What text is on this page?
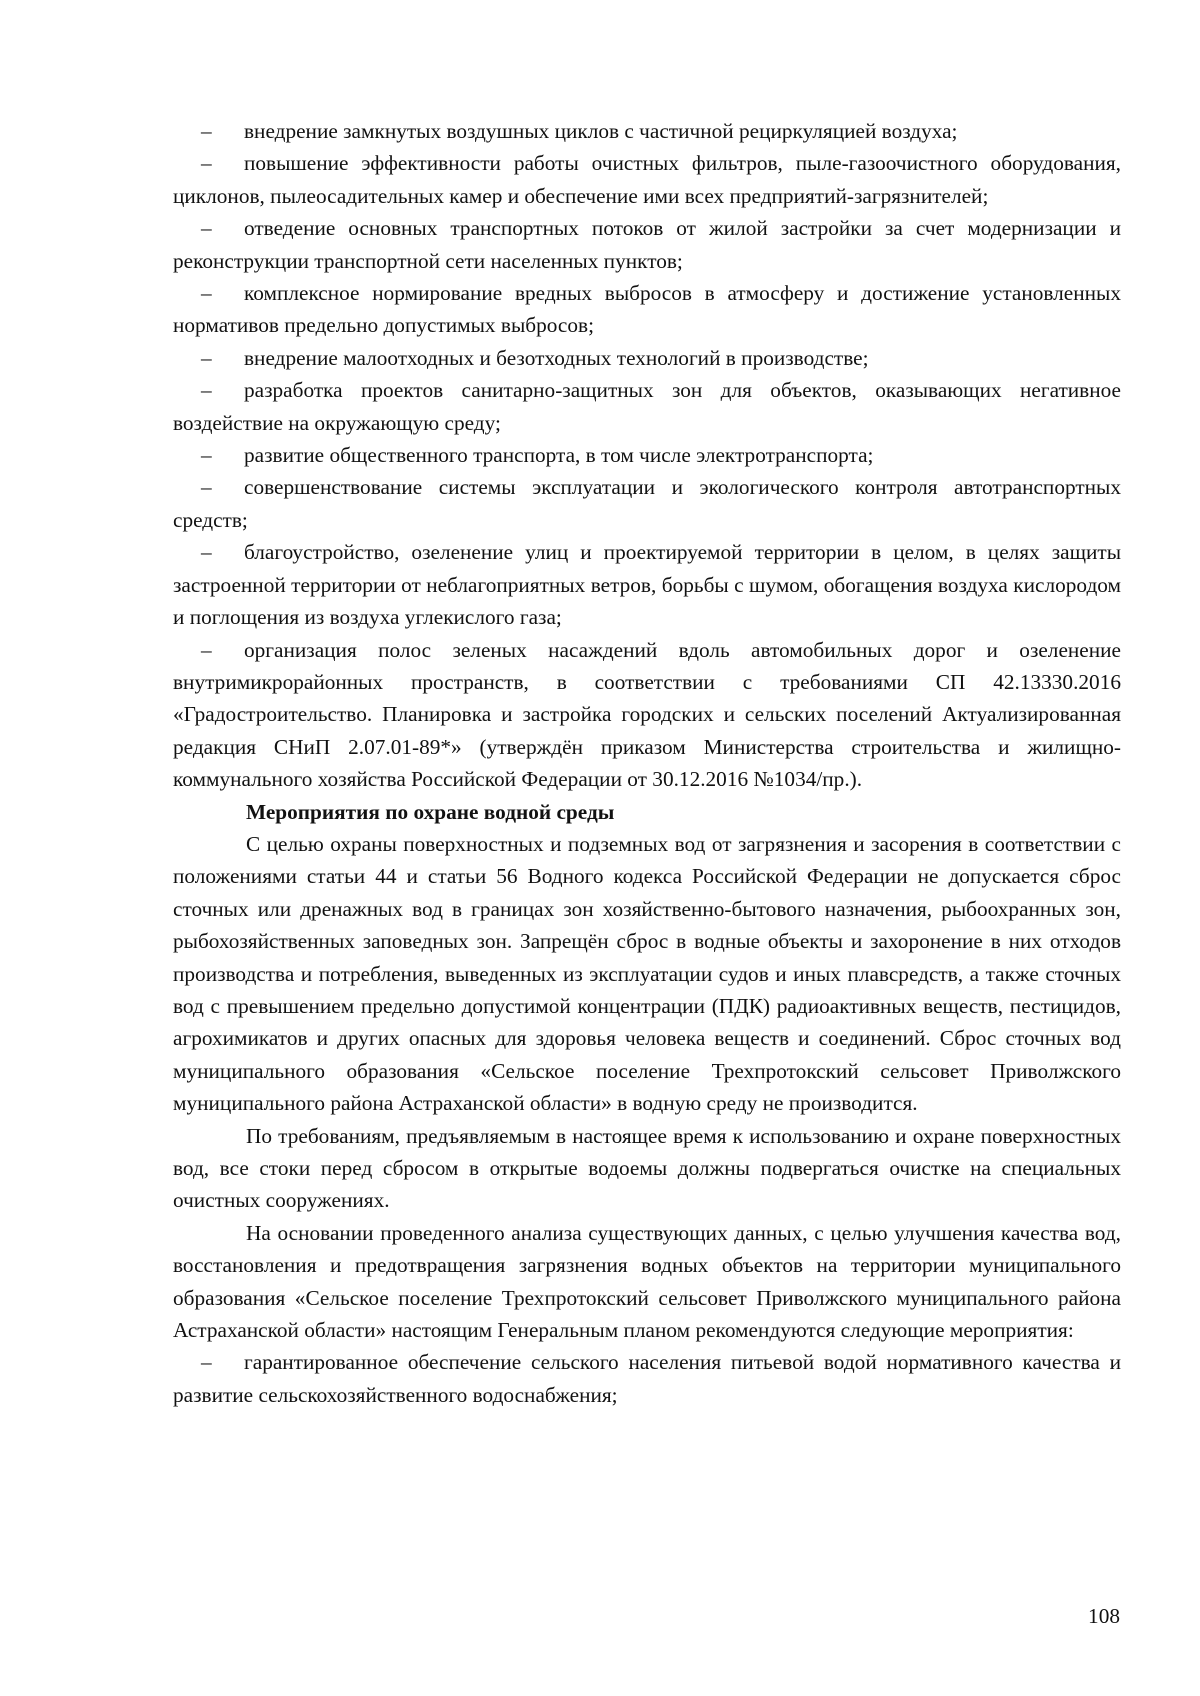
– внедрение замкнутых воздушных циклов с частичной рециркуляцией воздуха;

– повышение эффективности работы очистных фильтров, пыле-газоочистного оборудования, циклонов, пылеосадительных камер и обеспечение ими всех предприятий-загрязнителей;

– отведение основных транспортных потоков от жилой застройки за счет модернизации и реконструкции транспортной сети населенных пунктов;

– комплексное нормирование вредных выбросов в атмосферу и достижение установленных нормативов предельно допустимых выбросов;

– внедрение малоотходных и безотходных технологий в производстве;

– разработка проектов санитарно-защитных зон для объектов, оказывающих негативное воздействие на окружающую среду;

– развитие общественного транспорта, в том числе электротранспорта;

– совершенствование системы эксплуатации и экологического контроля автотранспортных средств;

– благоустройство, озеленение улиц и проектируемой территории в целом, в целях защиты застроенной территории от неблагоприятных ветров, борьбы с шумом, обогащения воздуха кислородом и поглощения из воздуха углекислого газа;

– организация полос зеленых насаждений вдоль автомобильных дорог и озеленение внутримикрорайонных пространств, в соответствии с требованиями СП 42.13330.2016 «Градостроительство. Планировка и застройка городских и сельских поселений Актуализированная редакция СНиП 2.07.01-89*» (утверждён приказом Министерства строительства и жилищно-коммунального хозяйства Российской Федерации от 30.12.2016 №1034/пр.).

Мероприятия по охране водной среды

С целью охраны поверхностных и подземных вод от загрязнения и засорения в соответствии с положениями статьи 44 и статьи 56 Водного кодекса Российской Федерации не допускается сброс сточных или дренажных вод в границах зон хозяйственно-бытового назначения, рыбоохранных зон, рыбохозяйственных заповедных зон. Запрещён сброс в водные объекты и захоронение в них отходов производства и потребления, выведенных из эксплуатации судов и иных плавсредств, а также сточных вод с превышением предельно допустимой концентрации (ПДК) радиоактивных веществ, пестицидов, агрохимикатов и других опасных для здоровья человека веществ и соединений. Сброс сточных вод муниципального образования «Сельское поселение Трехпротокский сельсовет Приволжского муниципального района Астраханской области» в водную среду не производится.

По требованиям, предъявляемым в настоящее время к использованию и охране поверхностных вод, все стоки перед сбросом в открытые водоемы должны подвергаться очистке на специальных очистных сооружениях.

На основании проведенного анализа существующих данных, с целью улучшения качества вод, восстановления и предотвращения загрязнения водных объектов на территории муниципального образования «Сельское поселение Трехпротокский сельсовет Приволжского муниципального района Астраханской области» настоящим Генеральным планом рекомендуются следующие мероприятия:

– гарантированное обеспечение сельского населения питьевой водой нормативного качества и развитие сельскохозяйственного водоснабжения;

108
